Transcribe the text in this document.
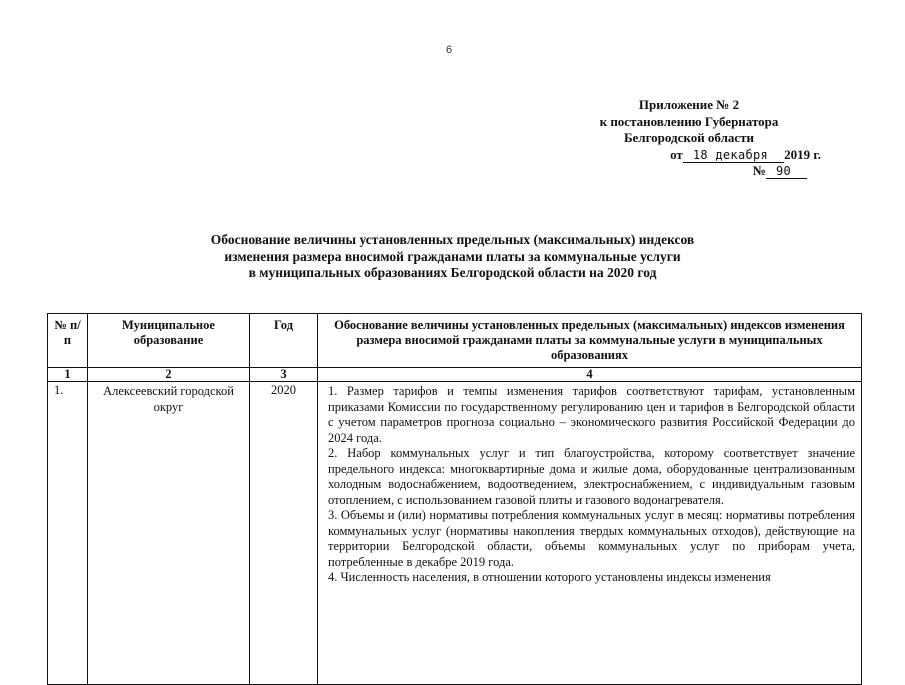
6
Приложение № 2
к постановлению Губернатора
Белгородской области
от 18 декабря 2019 г.
№ 90
Обоснование величины установленных предельных (максимальных) индексов
изменения размера вносимой гражданами платы за коммунальные услуги
в муниципальных образованиях Белгородской области на 2020 год
№ п/п	Муниципальное образование	Год	Обоснование величины установленных предельных (максимальных) индексов изменения размера вносимой гражданами платы за коммунальные услуги в муниципальных образованиях
1	2	3	4
1.	Алексеевский городской округ	2020	1. Размер тарифов и темпы изменения тарифов соответствуют тарифам, установленным приказами Комиссии по государственному регулированию цен и тарифов в Белгородской области с учетом параметров прогноза социально – экономического развития Российской Федерации до 2024 года.

2. Набор коммунальных услуг и тип благоустройства, которому соответствует значение предельного индекса: многоквартирные дома и жилые дома, оборудованные централизованным холодным водоснабжением, водоотведением, электроснабжением, с индивидуальным газовым отоплением, с использованием газовой плиты и газового водонагревателя.

3. Объемы и (или) нормативы потребления коммунальных услуг в месяц: нормативы потребления коммунальных услуг (нормативы накопления твердых коммунальных отходов), действующие на территории Белгородской области, объемы коммунальных услуг по приборам учета, потребленные в декабре 2019 года.

4. Численность населения, в отношении которого установлены индексы изменения
